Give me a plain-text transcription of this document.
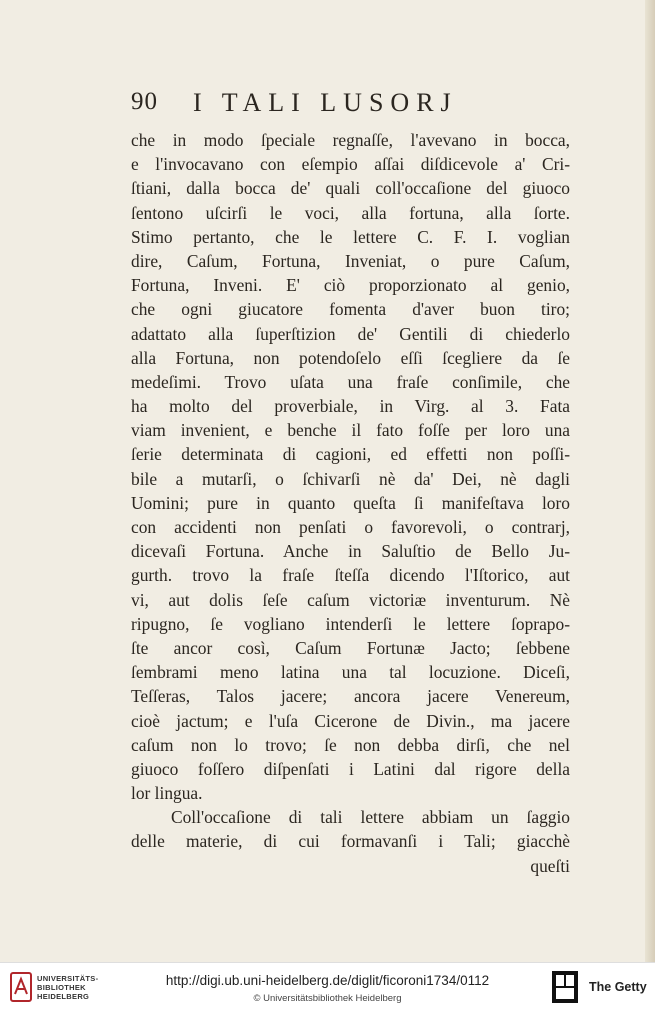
90 I TALI LUSORJ
che in modo ſpeciale regnaſſe, l'avevano in bocca,
e l'invocavano con eſempio aſſai diſdicevole a' Cri-
ſtiani, dalla bocca de' quali coll'occaſione del giuoco
ſentono uſcirſi le voci, alla fortuna, alla ſorte.
Stimo pertanto, che le lettere C. F. I. voglian
dire, Caſum, Fortuna, Inveniat, o pure Caſum,
Fortuna, Inveni. E' ciò proporzionato al genio,
che ogni giucatore fomenta d'aver buon tiro;
adattato alla ſuperſtizion de' Gentili di chiederlo
alla Fortuna, non potendoſelo eſſi ſcegliere da ſe
medeſimi. Trovo uſata una fraſe conſimile, che
ha molto del proverbiale, in Virg. al 3. Fata
viam invenient, e benche il fato foſſe per loro una
ſerie determinata di cagioni, ed effetti non poſſi-
bile a mutarſi, o ſchivarſi nè da' Dei, nè dagli
Uomini; pure in quanto queſta ſi manifeſtava loro
con accidenti non penſati o favorevoli, o contrarj,
dicevaſi Fortuna. Anche in Saluſtio de Bello Ju-
gurth. trovo la fraſe ſteſſa dicendo l'Iſtorico, aut
vi, aut dolis ſeſe caſum victoriæ inventurum. Nè
ripugno, ſe vogliano intenderſi le lettere ſoprapo-
ſte ancor così, Caſum Fortunæ Jacto; ſebbene
ſembrami meno latina una tal locuzione. Diceſi,
Teſſeras, Talos jacere; ancora jacere Venereum,
cioè jactum; e l'uſa Cicerone de Divin., ma jacere
caſum non lo trovo; ſe non debba dirſi, che nel
giuoco foſſero diſpenſati i Latini dal rigore della
lor lingua.
Coll'occaſione di tali lettere abbiam un ſaggio
delle materie, di cui formavanſi i Tali; giacchè
queſti
UNIVERSITÄTS-
BIBLIOTHEK
HEIDELBERG
http://digi.ub.uni-heidelberg.de/diglit/ficoroni1734/0112
© Universitätsbibliothek Heidelberg
The Getty
